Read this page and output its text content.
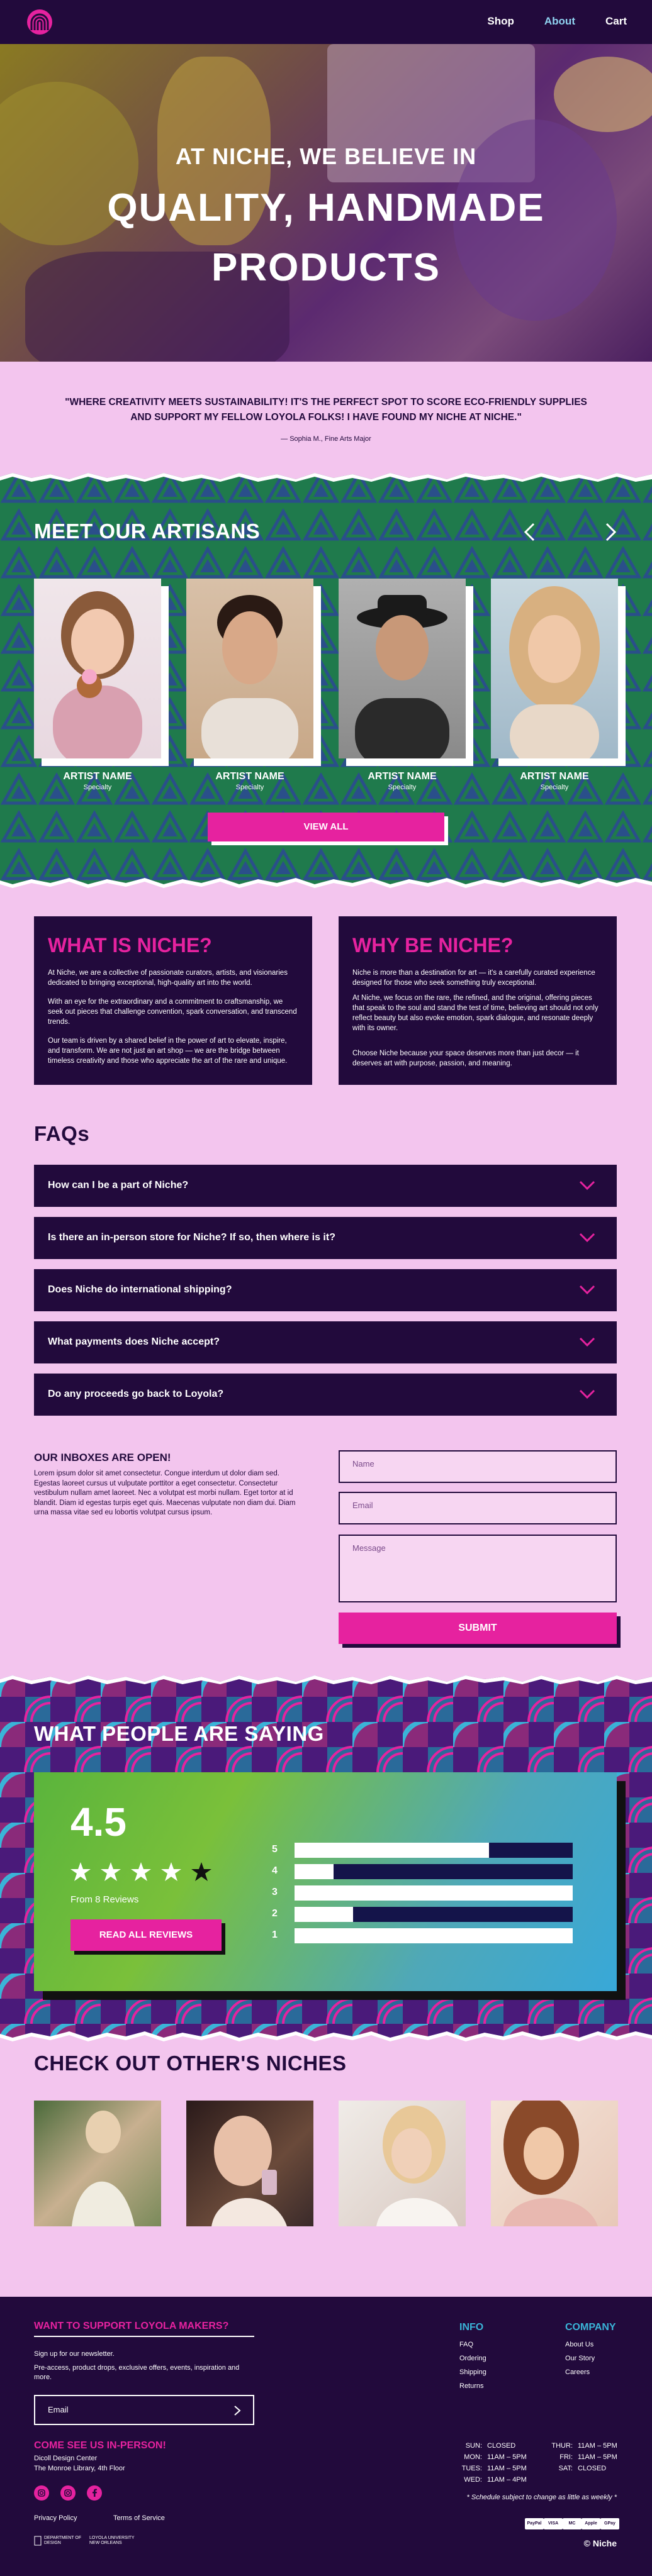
Shop	About	Cart
AT NICHE, WE BELIEVE IN
QUALITY, HANDMADE
PRODUCTS
"WHERE CREATIVITY MEETS SUSTAINABILITY! IT'S THE PERFECT SPOT TO SCORE ECO-FRIENDLY SUPPLIES AND SUPPORT MY FELLOW LOYOLA FOLKS! I HAVE FOUND MY NICHE AT NICHE."
— Sophia M., Fine Arts Major
MEET OUR ARTISANS
ARTIST NAME
Specialty
ARTIST NAME
Specialty
ARTIST NAME
Specialty
ARTIST NAME
Specialty
VIEW ALL
WHAT IS NICHE?

At Niche, we are a collective of passionate curators, artists, and visionaries dedicated to bringing exceptional, high-quality art into the world.

With an eye for the extraordinary and a commitment to craftsmanship, we seek out pieces that challenge convention, spark conversation, and transcend trends.

Our team is driven by a shared belief in the power of art to elevate, inspire, and transform. We are not just an art shop — we are the bridge between timeless creativity and those who appreciate the art of the rare and unique.

WHY BE NICHE?

Niche is more than a destination for art — it's a carefully curated experience designed for those who seek something truly exceptional.

At Niche, we focus on the rare, the refined, and the original, offering pieces that speak to the soul and stand the test of time, believing art should not only reflect beauty but also evoke emotion, spark dialogue, and resonate deeply with its owner.

Choose Niche because your space deserves more than just decor — it deserves art with purpose, passion, and meaning.

FAQs
How can I be a part of Niche?
Is there an in-person store for Niche? If so, then where is it?
Does Niche do international shipping?
What payments does Niche accept?
Do any proceeds go back to Loyola?
OUR INBOXES ARE OPEN!
Lorem ipsum dolor sit amet consectetur. Congue interdum ut dolor diam sed. Egestas laoreet cursus ut vulputate porttitor a eget consectetur. Consectetur vestibulum nullam amet laoreet. Nec a volutpat est morbi nullam. Eget tortor at id blandit. Diam id egestas turpis eget quis. Maecenas vulputate non diam dui. Diam urna massa vitae sed eu lobortis volutpat cursus ipsum.
Name
Email
Message
SUBMIT
WHAT PEOPLE ARE SAYING
4.5
From 8 Reviews
READ ALL REVIEWS
5
4
3
2
1
CHECK OUT OTHER'S NICHES
WANT TO SUPPORT LOYOLA MAKERS?
Sign up for our newsletter.
Pre-access, product drops, exclusive offers, events, inspiration and more.
Email
COME SEE US IN-PERSON!
Dicoll Design Center
The Monroe Library, 4th Floor
Privacy Policy	Terms of Service
DEPARTMENT OF DESIGN
LOYOLA UNIVERSITY NEW ORLEANS
INFO
FAQ
Ordering
Shipping
Returns
COMPANY
About Us
Our Story
Careers
SUN: CLOSED
MON: 11AM – 5PM
TUES: 11AM – 5PM
WED: 11AM – 4PM
THUR: 11AM – 5PM
FRI: 11AM – 5PM
SAT: CLOSED
* Schedule subject to change as little as weekly *
PayPal	VISA	MC	Apple	GPay
© Niche
